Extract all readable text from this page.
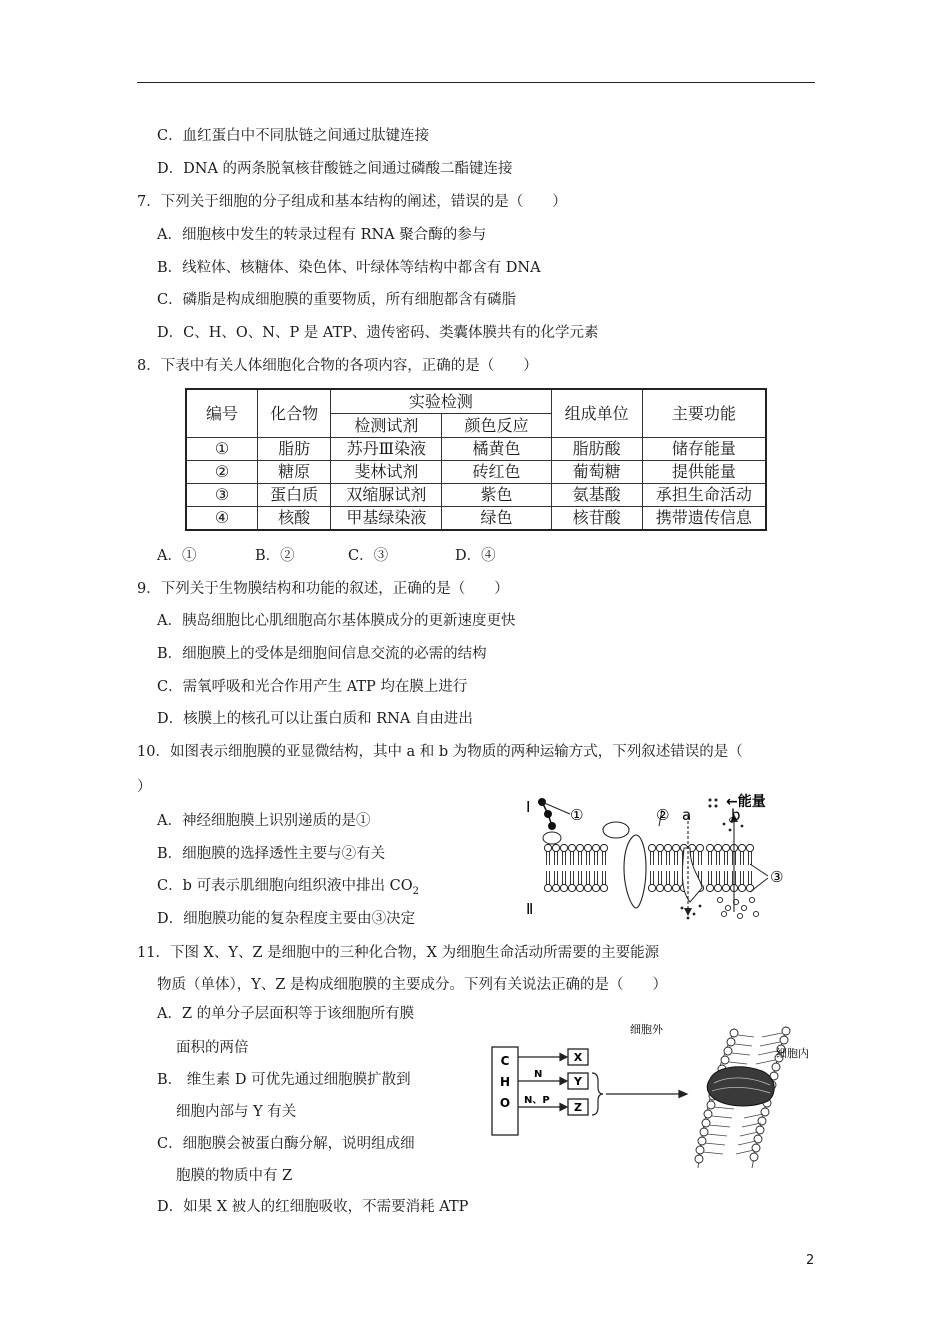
C．血红蛋白中不同肽链之间通过肽键连接
D．DNA 的两条脱氧核苷酸链之间通过磷酸二酯键连接
7．下列关于细胞的分子组成和基本结构的阐述，错误的是（　　）
A．细胞核中发生的转录过程有 RNA 聚合酶的参与
B．线粒体、核糖体、染色体、叶绿体等结构中都含有 DNA
C．磷脂是构成细胞膜的重要物质，所有细胞都含有磷脂
D．C、H、O、N、P 是 ATP、遗传密码、类囊体膜共有的化学元素
8．下表中有关人体细胞化合物的各项内容，正确的是（　　）
编号	化合物	实验检测		组成单位	主要功能
		检测试剂	颜色反应		
①	脂肪	苏丹Ⅲ染液	橘黄色	脂肪酸	储存能量
②	糖原	斐林试剂	砖红色	葡萄糖	提供能量
③	蛋白质	双缩脲试剂	紫色	氨基酸	承担生命活动
④	核酸	甲基绿染液	绿色	核苷酸	携带遗传信息
A．①	B．②	C．③	D．④
9．下列关于生物膜结构和功能的叙述，正确的是（　　）
A．胰岛细胞比心肌细胞高尔基体膜成分的更新速度更快
B．细胞膜上的受体是细胞间信息交流的必需的结构
C．需氧呼吸和光合作用产生 ATP 均在膜上进行
D．核膜上的核孔可以让蛋白质和 RNA 自由进出
10．如图表示细胞膜的亚显微结构，其中 a 和 b 为物质的两种运输方式，下列叙述错误的是（
）
A．神经细胞膜上识别递质的是①
B．细胞膜的选择透性主要与②有关
C．b 可表示肌细胞向组织液中排出 $CO_2$
D．细胞膜功能的复杂程度主要由③决定
Ⅰ
Ⅱ
①	② a	b
←能量
③
11．下图 X、Y、Z 是细胞中的三种化合物，X 为细胞生命活动所需要的主要能源
物质（单体），Y、Z 是构成细胞膜的主要成分。下列有关说法正确的是（　　）
A．Z 的单分子层面积等于该细胞所有膜
面积的两倍
B． 维生素 D 可优先通过细胞膜扩散到
细胞内部与 Y 有关
C．细胞膜会被蛋白酶分解，说明组成细
胞膜的物质中有 Z
D．如果 X 被人的红细胞吸收，不需要消耗 ATP
C
H
O
N
N、P
X
Y
Z
细胞外
细胞内
2
